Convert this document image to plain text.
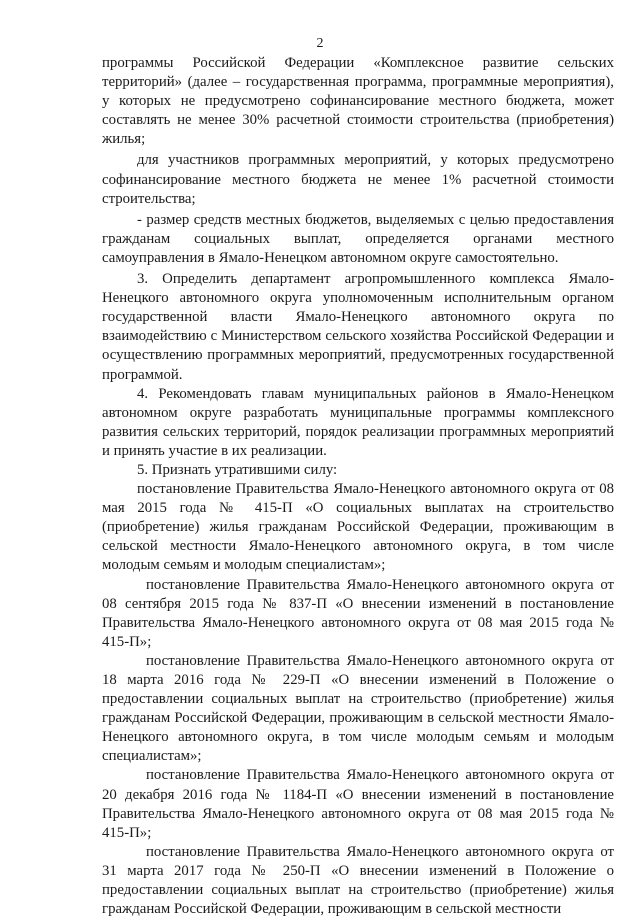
2

программы Российской Федерации «Комплексное развитие сельских территорий» (далее – государственная программа, программные мероприятия), у которых не предусмотрено софинансирование местного бюджета, может составлять не менее 30% расчетной стоимости строительства (приобретения) жилья;

для участников программных мероприятий, у которых предусмотрено софинансирование местного бюджета не менее 1% расчетной стоимости строительства;

- размер средств местных бюджетов, выделяемых с целью предоставления гражданам социальных выплат, определяется органами местного самоуправления в Ямало-Ненецком автономном округе самостоятельно.

3. Определить департамент агропромышленного комплекса Ямало-Ненецкого автономного округа уполномоченным исполнительным органом государственной власти Ямало-Ненецкого автономного округа по взаимодействию с Министерством сельского хозяйства Российской Федерации и осуществлению программных мероприятий, предусмотренных государственной программой.

4. Рекомендовать главам муниципальных районов в Ямало-Ненецком автономном округе разработать муниципальные программы комплексного развития сельских территорий, порядок реализации программных мероприятий и принять участие в их реализации.

5. Признать утратившими силу:

постановление Правительства Ямало-Ненецкого автономного округа от 08 мая 2015 года № 415-П «О социальных выплатах на строительство (приобретение) жилья гражданам Российской Федерации, проживающим в сельской местности Ямало-Ненецкого автономного округа, в том числе молодым семьям и молодым специалистам»;

постановление Правительства Ямало-Ненецкого автономного округа от 08 сентября 2015 года № 837-П «О внесении изменений в постановление Правительства Ямало-Ненецкого автономного округа от 08 мая 2015 года № 415-П»;

постановление Правительства Ямало-Ненецкого автономного округа от 18 марта 2016 года № 229-П «О внесении изменений в Положение о предоставлении социальных выплат на строительство (приобретение) жилья гражданам Российской Федерации, проживающим в сельской местности Ямало-Ненецкого автономного округа, в том числе молодым семьям и молодым специалистам»;

постановление Правительства Ямало-Ненецкого автономного округа от 20 декабря 2016 года № 1184-П «О внесении изменений в постановление Правительства Ямало-Ненецкого автономного округа от 08 мая 2015 года № 415-П»;

постановление Правительства Ямало-Ненецкого автономного округа от 31 марта 2017 года № 250-П «О внесении изменений в Положение о предоставлении социальных выплат на строительство (приобретение) жилья гражданам Российской Федерации, проживающим в сельской местности
